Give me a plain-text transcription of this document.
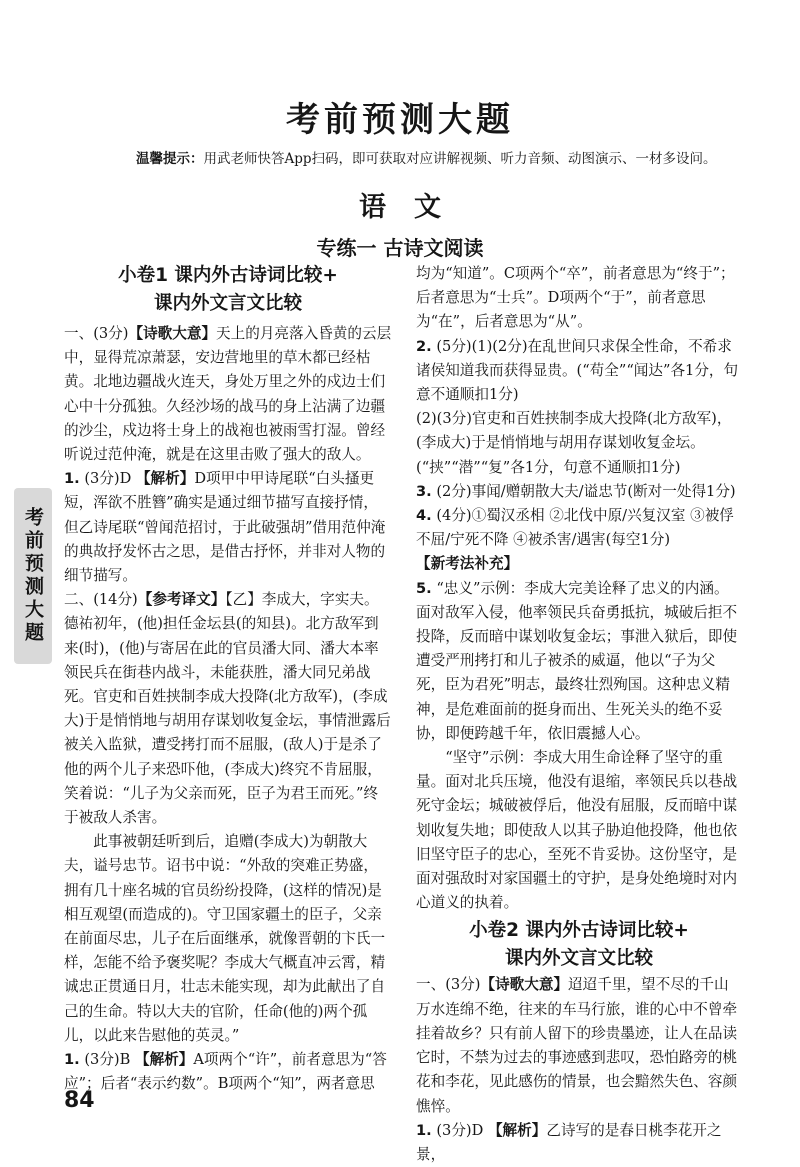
考前预测大题
温馨提示：用武老师快答App扫码，即可获取对应讲解视频、听力音频、动图演示、一材多设问。
语文
专练一 古诗文阅读
考前预测大题
小卷1 课内外古诗词比较+
课内外文言文比较

一、(3分)【诗歌大意】天上的月亮落入昏黄的云层中，显得荒凉萧瑟，安边营地里的草木都已经枯黄。北地边疆战火连天，身处万里之外的戍边士们心中十分孤独。久经沙场的战马的身上沾满了边疆的沙尘，戍边将士身上的战袍也被雨雪打湿。曾经听说过范仲淹，就是在这里击败了强大的敌人。

1. (3分)D 【解析】D项甲中甲诗尾联“白头搔更短，浑欲不胜簪”确实是通过细节描写直接抒情，但乙诗尾联“曾闻范招讨，于此破强胡”借用范仲淹的典故抒发怀古之思，是借古抒怀，并非对人物的细节描写。

二、(14分)【参考译文】【乙】李成大，字实夫。德祐初年，(他)担任金坛县(的知县)。北方敌军到来(时)，(他)与寄居在此的官员潘大同、潘大本率领民兵在街巷内战斗，未能获胜，潘大同兄弟战死。官吏和百姓挟制李成大投降(北方敌军)，(李成大)于是悄悄地与胡用存谋划收复金坛，事情泄露后被关入监狱，遭受拷打而不屈服，(敌人)于是杀了他的两个儿子来恐吓他，(李成大)终究不肯屈服，笑着说：“儿子为父亲而死，臣子为君王而死。”终于被敌人杀害。

此事被朝廷听到后，追赠(李成大)为朝散大夫，谥号忠节。诏书中说：“外敌的突难正势盛，拥有几十座名城的官员纷纷投降，(这样的情况)是相互观望(而造成的)。守卫国家疆土的臣子，父亲在前面尽忠，儿子在后面继承，就像晋朝的卞氏一样，怎能不给予褒奖呢？李成大气概直冲云霄，精诚忠正贯通日月，壮志未能实现，却为此献出了自己的生命。特以大夫的官阶，任命(他的)两个孤儿，以此来告慰他的英灵。”

1. (3分)B 【解析】A项两个“许”，前者意思为“答应”；后者“表示约数”。B项两个“知”，两者意思

均为“知道”。C项两个“卒”，前者意思为“终于”；后者意思为“士兵”。D项两个“于”，前者意思为“在”，后者意思为“从”。

2. (5分)(1)(2分)在乱世间只求保全性命，不希求诸侯知道我而获得显贵。(“苟全”“闻达”各1分，句意不通顺扣1分)

(2)(3分)官吏和百姓挟制李成大投降(北方敌军)，(李成大)于是悄悄地与胡用存谋划收复金坛。(“挟”“潜”“复”各1分，句意不通顺扣1分)

3. (2分)事闻/赠朝散大夫/谥忠节(断对一处得1分)

4. (4分)①蜀汉丞相 ②北伐中原/兴复汉室 ③被俘不屈/宁死不降 ④被杀害/遇害(每空1分)

【新考法补充】

5. “忠义”示例：李成大完美诠释了忠义的内涵。面对敌军入侵，他率领民兵奋勇抵抗，城破后拒不投降，反而暗中谋划收复金坛；事泄入狱后，即使遭受严刑拷打和儿子被杀的威逼，他以“子为父死，臣为君死”明志，最终壮烈殉国。这种忠义精神，是危难面前的挺身而出、生死关头的绝不妥协，即便跨越千年，依旧震撼人心。

“坚守”示例：李成大用生命诠释了坚守的重量。面对北兵压境，他没有退缩，率领民兵以巷战死守金坛；城破被俘后，他没有屈服，反而暗中谋划收复失地；即使敌人以其子胁迫他投降，他也依旧坚守臣子的忠心，至死不肯妥协。这份坚守，是面对强敌时对家国疆土的守护，是身处绝境时对内心道义的执着。

小卷2 课内外古诗词比较+
课内外文言文比较

一、(3分)【诗歌大意】迢迢千里，望不尽的千山万水连绵不绝，往来的车马行旅，谁的心中不曾牵挂着故乡？只有前人留下的珍贵墨迹，让人在品读它时，不禁为过去的事迹感到悲叹，恐怕路旁的桃花和李花，见此感伤的情景，也会黯然失色、容颜憔悴。

1. (3分)D 【解析】乙诗写的是春日桃李花开之景，

84
